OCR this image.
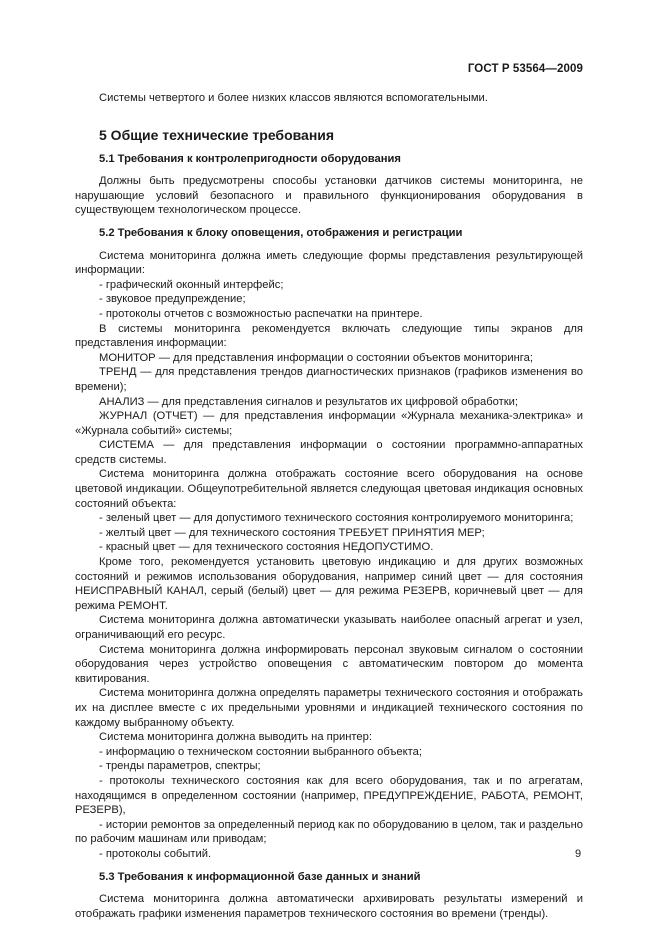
ГОСТ Р 53564—2009

Системы четвертого и более низких классов являются вспомогательными.

5 Общие технические требования

5.1 Требования к контролепригодности оборудования

Должны быть предусмотрены способы установки датчиков системы мониторинга, не нарушающие условий безопасного и правильного функционирования оборудования в существующем технологическом процессе.

5.2 Требования к блоку оповещения, отображения и регистрации

Система мониторинга должна иметь следующие формы представления результирующей информации:

- графический оконный интерфейс;

- звуковое предупреждение;

- протоколы отчетов с возможностью распечатки на принтере.

В системы мониторинга рекомендуется включать следующие типы экранов для представления информации:

МОНИТОР — для представления информации о состоянии объектов мониторинга;

ТРЕНД — для представления трендов диагностических признаков (графиков изменения во времени);

АНАЛИЗ — для представления сигналов и результатов их цифровой обработки;

ЖУРНАЛ (ОТЧЕТ) — для представления информации «Журнала механика-электрика» и «Журнала событий» системы;

СИСТЕМА — для представления информации о состоянии программно-аппаратных средств системы.

Система мониторинга должна отображать состояние всего оборудования на основе цветовой индикации. Общеупотребительной является следующая цветовая индикация основных состояний объекта:

- зеленый цвет — для допустимого технического состояния контролируемого мониторинга;

- желтый цвет — для технического состояния ТРЕБУЕТ ПРИНЯТИЯ МЕР;

- красный цвет — для технического состояния НЕДОПУСТИМО.

Кроме того, рекомендуется установить цветовую индикацию и для других возможных состояний и режимов использования оборудования, например синий цвет — для состояния НЕИСПРАВНЫЙ КАНАЛ, серый (белый) цвет — для режима РЕЗЕРВ, коричневый цвет — для режима РЕМОНТ.

Система мониторинга должна автоматически указывать наиболее опасный агрегат и узел, ограничивающий его ресурс.

Система мониторинга должна информировать персонал звуковым сигналом о состоянии оборудования через устройство оповещения с автоматическим повтором до момента квитирования.

Система мониторинга должна определять параметры технического состояния и отображать их на дисплее вместе с их предельными уровнями и индикацией технического состояния по каждому выбранному объекту.

Система мониторинга должна выводить на принтер:

- информацию о техническом состоянии выбранного объекта;

- тренды параметров, спектры;

- протоколы технического состояния как для всего оборудования, так и по агрегатам, находящимся в определенном состоянии (например, ПРЕДУПРЕЖДЕНИЕ, РАБОТА, РЕМОНТ, РЕЗЕРВ),

- истории ремонтов за определенный период как по оборудованию в целом, так и раздельно по рабочим машинам или приводам;

- протоколы событий.

5.3 Требования к информационной базе данных и знаний

Система мониторинга должна автоматически архивировать результаты измерений и отображать графики изменения параметров технического состояния во времени (тренды).

9
